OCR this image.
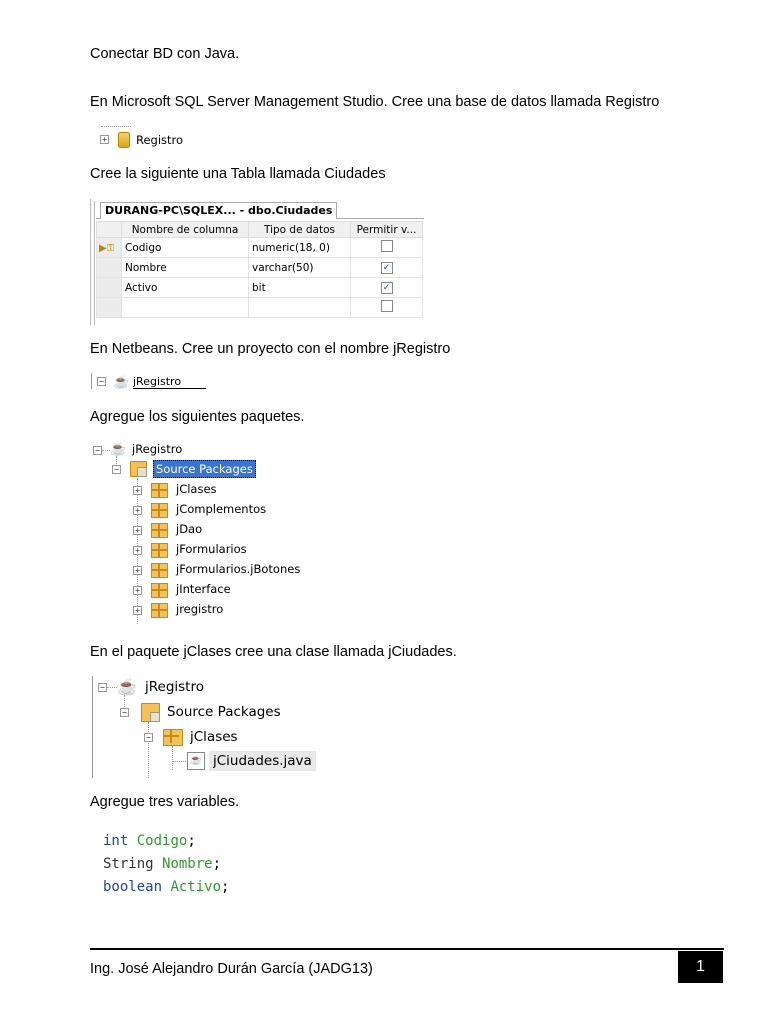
Conectar BD con Java.
En Microsoft SQL Server Management Studio. Cree una base de datos llamada Registro
+	Registro
Cree la siguiente una Tabla llamada Ciudades
DURANG-PC\SQLEX... - dbo.Ciudades
	Nombre de columna	Tipo de datos	Permitir v...
▶⚿	Codigo	numeric(18, 0)	
	Nombre	varchar(50)	✓
	Activo	bit	✓

En Netbeans. Cree un proyecto con el nombre jRegistro
− ☕ jRegistro
Agregue los siguientes paquetes.
− ☕ jRegistro
−	Source Packages
+	jClases
+	jComplementos
+	jDao
+	jFormularios
+	jFormularios.jBotones
+	jInterface
+	jregistro
En el paquete jClases cree una clase llamada jCiudades.
− ☕ jRegistro
−	Source Packages
−	jClases
☕ jCiudades.java
Agregue tres variables.
int Codigo;
String Nombre;
boolean Activo;
Ing. José Alejandro Durán García (JADG13)	1
